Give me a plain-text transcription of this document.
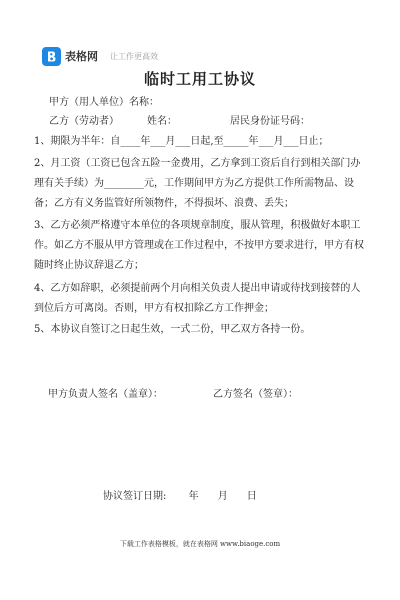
表格网 让工作更高效
临时工用工协议
甲方（用人单位）名称：
乙方（劳动者）	姓名：	居民身份证号码：
1、期限为半年：自____年___月___日起,至_____年___月___日止；
2、月工资（工资已包含五险一金费用，乙方拿到工资后自行到相关部门办理有关手续）为________元，工作期间甲方为乙方提供工作所需物品、设备；乙方有义务监管好所领物件，不得损坏、浪费、丢失；
3、乙方必须严格遵守本单位的各项规章制度，服从管理，积极做好本职工作。如乙方不服从甲方管理或在工作过程中，不按甲方要求进行，甲方有权随时终止协议辞退乙方；
4、乙方如辞职，必须提前两个月向相关负责人提出申请或待找到接替的人到位后方可离岗。否则，甲方有权扣除乙方工作押金；
5、本协议自签订之日起生效，一式二份，甲乙双方各持一份。
甲方负责人签名（盖章）：	乙方签名（签章）：
协议签订日期:       年      月      日
下载工作表格模板，就在表格网 www.biaoge.com
